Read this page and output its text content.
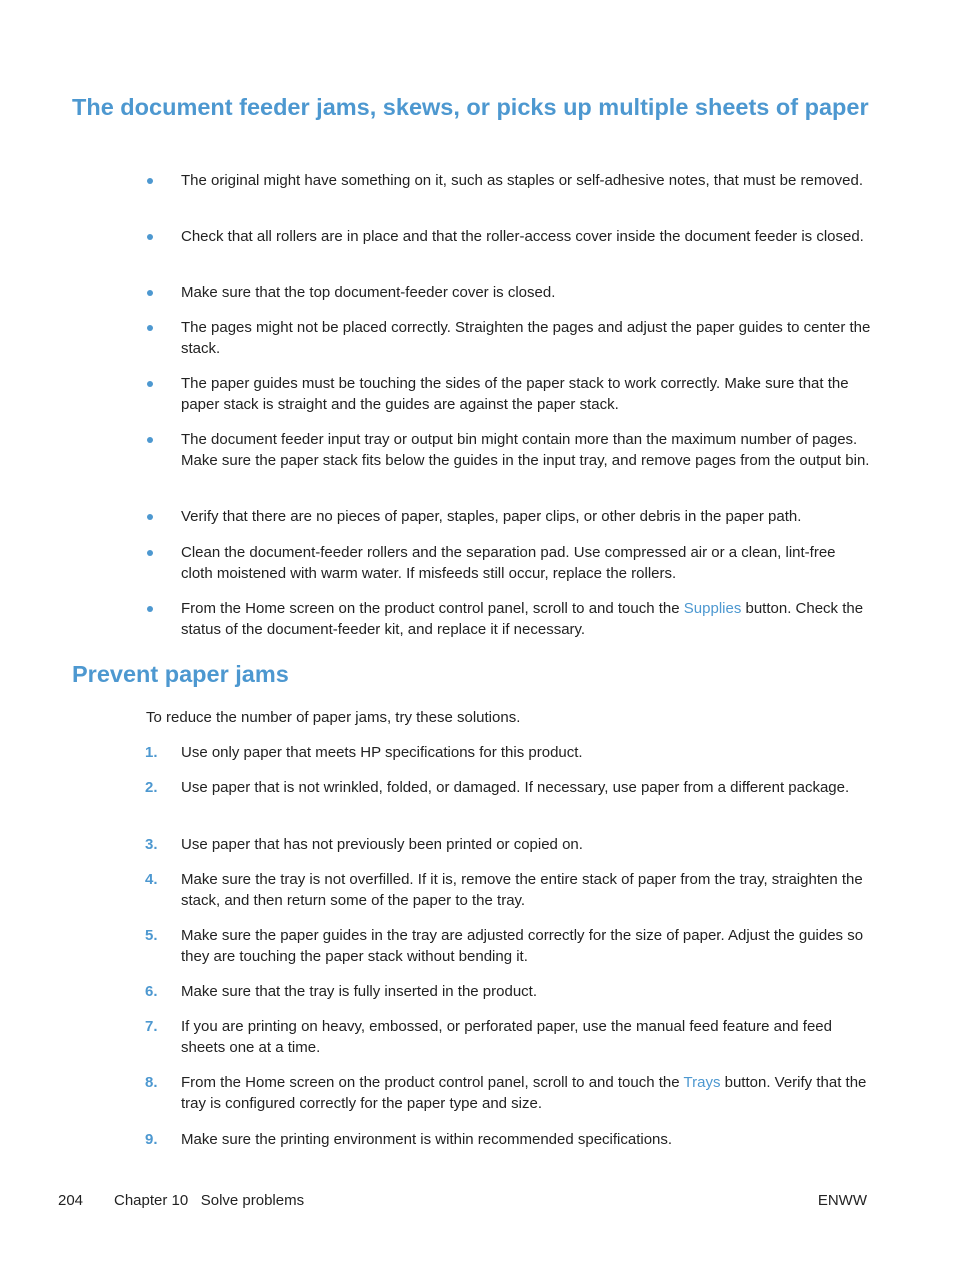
The document feeder jams, skews, or picks up multiple sheets of paper
The original might have something on it, such as staples or self-adhesive notes, that must be removed.
Check that all rollers are in place and that the roller-access cover inside the document feeder is closed.
Make sure that the top document-feeder cover is closed.
The pages might not be placed correctly. Straighten the pages and adjust the paper guides to center the stack.
The paper guides must be touching the sides of the paper stack to work correctly. Make sure that the paper stack is straight and the guides are against the paper stack.
The document feeder input tray or output bin might contain more than the maximum number of pages. Make sure the paper stack fits below the guides in the input tray, and remove pages from the output bin.
Verify that there are no pieces of paper, staples, paper clips, or other debris in the paper path.
Clean the document-feeder rollers and the separation pad. Use compressed air or a clean, lint-free cloth moistened with warm water. If misfeeds still occur, replace the rollers.
From the Home screen on the product control panel, scroll to and touch the Supplies button. Check the status of the document-feeder kit, and replace it if necessary.
Prevent paper jams
To reduce the number of paper jams, try these solutions.
1. Use only paper that meets HP specifications for this product.
2. Use paper that is not wrinkled, folded, or damaged. If necessary, use paper from a different package.
3. Use paper that has not previously been printed or copied on.
4. Make sure the tray is not overfilled. If it is, remove the entire stack of paper from the tray, straighten the stack, and then return some of the paper to the tray.
5. Make sure the paper guides in the tray are adjusted correctly for the size of paper. Adjust the guides so they are touching the paper stack without bending it.
6. Make sure that the tray is fully inserted in the product.
7. If you are printing on heavy, embossed, or perforated paper, use the manual feed feature and feed sheets one at a time.
8. From the Home screen on the product control panel, scroll to and touch the Trays button. Verify that the tray is configured correctly for the paper type and size.
9. Make sure the printing environment is within recommended specifications.
204 Chapter 10   Solve problems	ENWW
